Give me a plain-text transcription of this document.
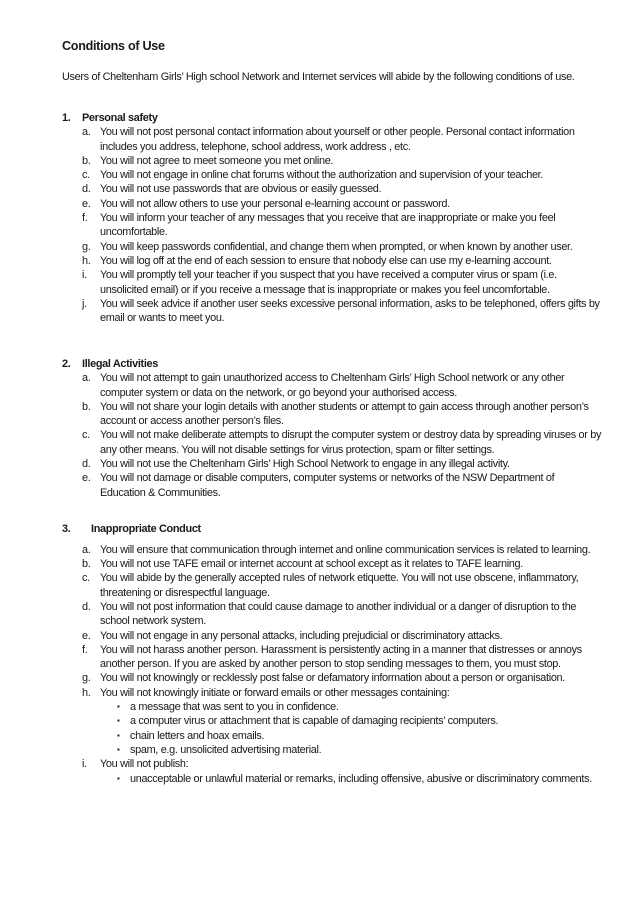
Conditions of Use
Users of Cheltenham Girls’ High school Network and Internet services will abide by the following conditions of use.
1.	Personal safety
a. You will not post personal contact information about yourself or other people. Personal contact information includes you address, telephone, school address, work address , etc.
b. You will not agree to meet someone you met online.
c. You will not engage in online chat forums without the authorization and supervision of your teacher.
d. You will not use passwords that are obvious or easily guessed.
e. You will not allow others to use your personal e-learning account or password.
f.	You will inform your teacher of any messages that you receive that are inappropriate or make you feel uncomfortable.
g. You will keep passwords confidential, and change them when prompted, or when known by another user.
h. You will log off at the end of each session to ensure that nobody else can use my e-learning account.
i.	You will promptly tell your teacher if you suspect that you have received a computer virus or spam (i.e. unsolicited email) or if you receive a message that is inappropriate or makes you feel uncomfortable.
j.	You will seek advice if another user seeks excessive personal information, asks to be telephoned, offers gifts by email or wants to meet you.
2.	Illegal Activities
a. You will not attempt to gain unauthorized access to Cheltenham Girls’ High School network or any other computer system or data on the network, or go beyond your authorised access.
b. You will not share your login details with another students or attempt to gain access through another person’s account or access another person’s files.
c. You will not make deliberate attempts to disrupt the computer system or destroy data by spreading viruses or by any other means. You will not disable settings for virus protection, spam or filter settings.
d. You will not use the Cheltenham Girls’ High School Network to engage in any illegal activity.
e. You will not damage or disable computers, computer systems or networks of the NSW Department of Education & Communities.
3.	Inappropriate Conduct
a. You will ensure that communication through internet and online communication services is related to learning.
b. You will not use TAFE email or internet account at school except as it relates to TAFE learning.
c. You will abide by the generally accepted rules of network etiquette. You will not use obscene, inflammatory, threatening or disrespectful language.
d. You will not post information that could cause damage to another individual or a danger of disruption to the school network system.
e. You will not engage in any personal attacks, including prejudicial or discriminatory attacks.
f.	You will not harass another person. Harassment is persistently acting in a manner that distresses or annoys another person. If you are asked by another person to stop sending messages to them, you must stop.
g. You will not knowingly or recklessly post false or defamatory information about a person or organisation.
h. You will not knowingly initiate or forward emails or other messages containing:
▪ a message that was sent to you in confidence.
▪ a computer virus or attachment that is capable of damaging recipients’ computers.
▪ chain letters and hoax emails.
▪ spam, e.g. unsolicited advertising material.
i.	You will not publish:
▪ unacceptable or unlawful material or remarks, including offensive, abusive or discriminatory comments.
